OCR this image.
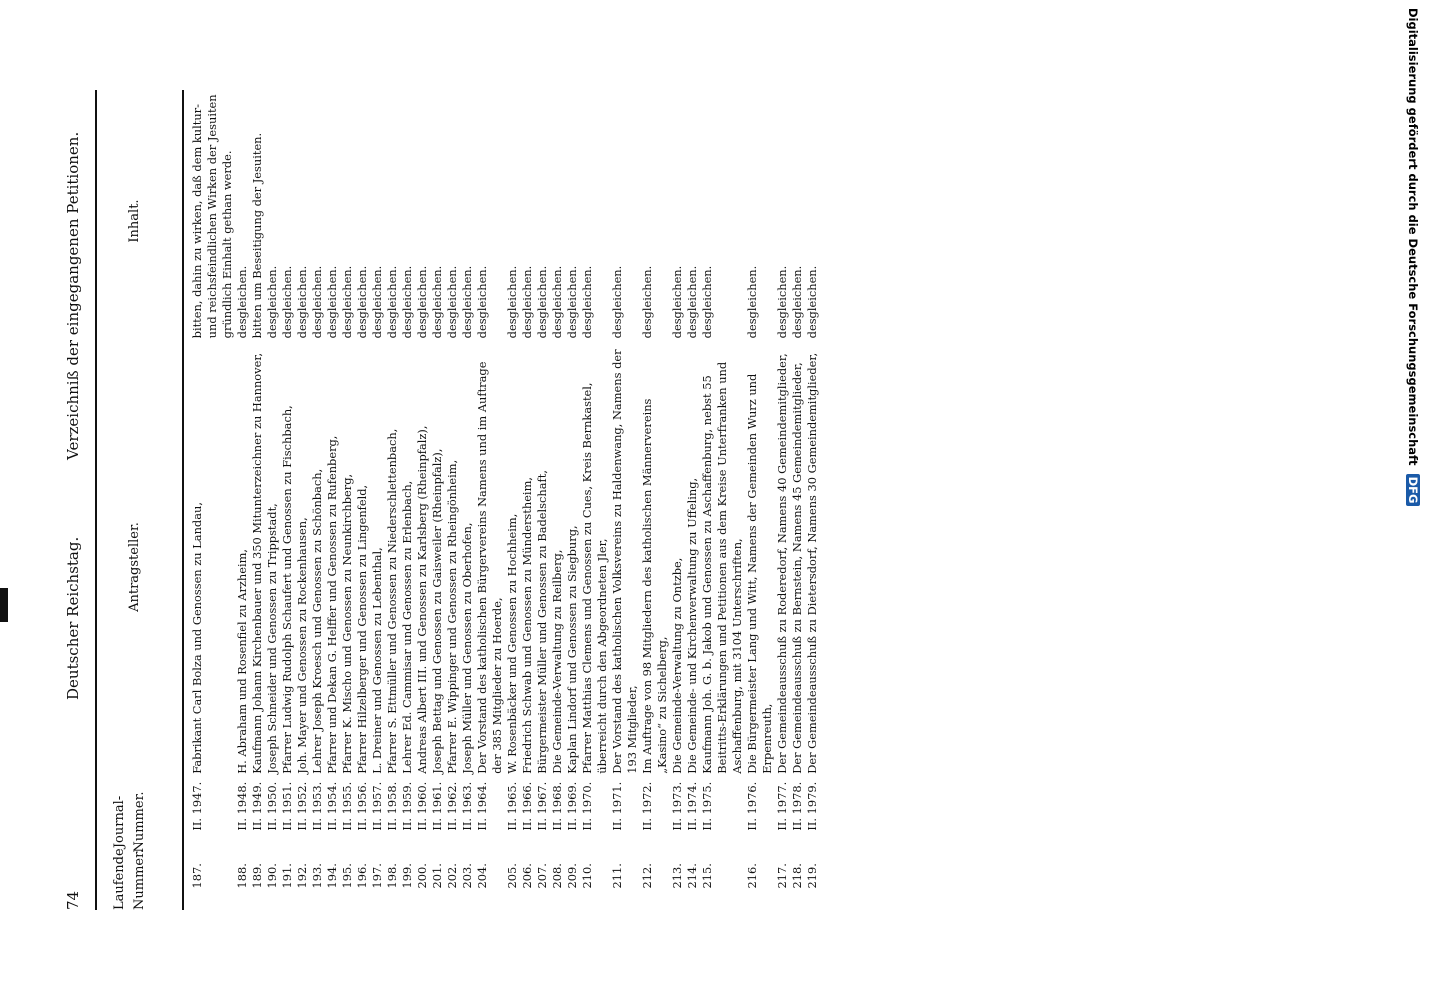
74
Deutscher Reichstag.
Verzeichniß der eingegangenen Petitionen.
Laufende Nummer.
Journal-Nummer.
Antragsteller.
Inhalt.
187.	II. 1947.	Fabrikant Carl Bolza und Genossen zu Landau,	bitten, dahin zu wirken, daß dem kultur- und reichsfeindlichen Wirken der Jesuiten gründlich Einhalt gethan werde.
188.	II. 1948.	H. Abraham und Rosenfiel zu Arzheim,	desgleichen.
189.	II. 1949.	Kaufmann Johann Kirchenbauer und 350 Mitunterzeichner zu Hannover,	bitten um Beseitigung der Jesuiten.
190.	II. 1950.	Joseph Schneider und Genossen zu Trippstadt,	desgleichen.
191.	II. 1951.	Pfarrer Ludwig Rudolph Schaufert und Genossen zu Fischbach,	desgleichen.
192.	II. 1952.	Joh. Mayer und Genossen zu Rockenhausen,	desgleichen.
193.	II. 1953.	Lehrer Joseph Kroesch und Genossen zu Schönbach,	desgleichen.
194.	II. 1954.	Pfarrer und Dekan G. Helffer und Genossen zu Rufenberg,	desgleichen.
195.	II. 1955.	Pfarrer K. Mischo und Genossen zu Neunkirchberg,	desgleichen.
196.	II. 1956.	Pfarrer Hilzelberger und Genossen zu Lingenfeld,	desgleichen.
197.	II. 1957.	L. Dreiner und Genossen zu Lebenthal,	desgleichen.
198.	II. 1958.	Pfarrer S. Ettmüller und Genossen zu Niederschlettenbach,	desgleichen.
199.	II. 1959.	Lehrer Ed. Cammisar und Genossen zu Erlenbach,	desgleichen.
200.	II. 1960.	Andreas Albert III. und Genossen zu Karlsberg (Rheinpfalz),	desgleichen.
201.	II. 1961.	Joseph Bettag und Genossen zu Gaisweiler (Rheinpfalz),	desgleichen.
202.	II. 1962.	Pfarrer E. Wippinger und Genossen zu Rheingönheim,	desgleichen.
203.	II. 1963.	Joseph Müller und Genossen zu Oberhofen,	desgleichen.
204.	II. 1964.	Der Vorstand des katholischen Bürgervereins Namens und im Auftrage der 385 Mitglieder zu Hoerde,	desgleichen.
205.	II. 1965.	W. Rosenbäcker und Genossen zu Hochheim,	desgleichen.
206.	II. 1966.	Friedrich Schwab und Genossen zu Münderstheim,	desgleichen.
207.	II. 1967.	Bürgermeister Müller und Genossen zu Badelschaft,	desgleichen.
208.	II. 1968.	Die Gemeinde-Verwaltung zu Reilberg,	desgleichen.
209.	II. 1969.	Kaplan Lindorf und Genossen zu Siegburg,	desgleichen.
210.	II. 1970.	Pfarrer Matthias Clemens und Genossen zu Cues, Kreis Bernkastel, überreicht durch den Abgeordneten Jler,	desgleichen.
211.	II. 1971.	Der Vorstand des katholischen Volksvereins zu Haldenwang, Namens der 193 Mitglieder,	desgleichen.
212.	II. 1972.	Im Auftrage von 98 Mitgliedern des katholischen Männervereins „Kasino“ zu Sichelberg,	desgleichen.
213.	II. 1973.	Die Gemeinde-Verwaltung zu Ontzbe,	desgleichen.
214.	II. 1974.	Die Gemeinde- und Kirchenverwaltung zu Uffeling,	desgleichen.
215.	II. 1975.	Kaufmann Joh. G. b. Jakob und Genossen zu Aschaffenburg, nebst 55 Beitritts-Erklärungen und Petitionen aus dem Kreise Unterfranken und Aschaffenburg, mit 3104 Unterschriften,	desgleichen.
216.	II. 1976.	Die Bürgermeister Lang und Witt, Namens der Gemeinden Wurz und Erpenreuth,	desgleichen.
217.	II. 1977.	Der Gemeindeausschuß zu Roderedorf, Namens 40 Gemeindemitglieder,	desgleichen.
218.	II. 1978.	Der Gemeindeausschuß zu Bernstein, Namens 45 Gemeindemitglieder,	desgleichen.
219.	II. 1979.	Der Gemeindeausschuß zu Dietersdorf, Namens 30 Gemeindemitglieder,	desgleichen.	Digitalisierung gefördert durch die Deutsche Forschungsgemeinschaft DFG
